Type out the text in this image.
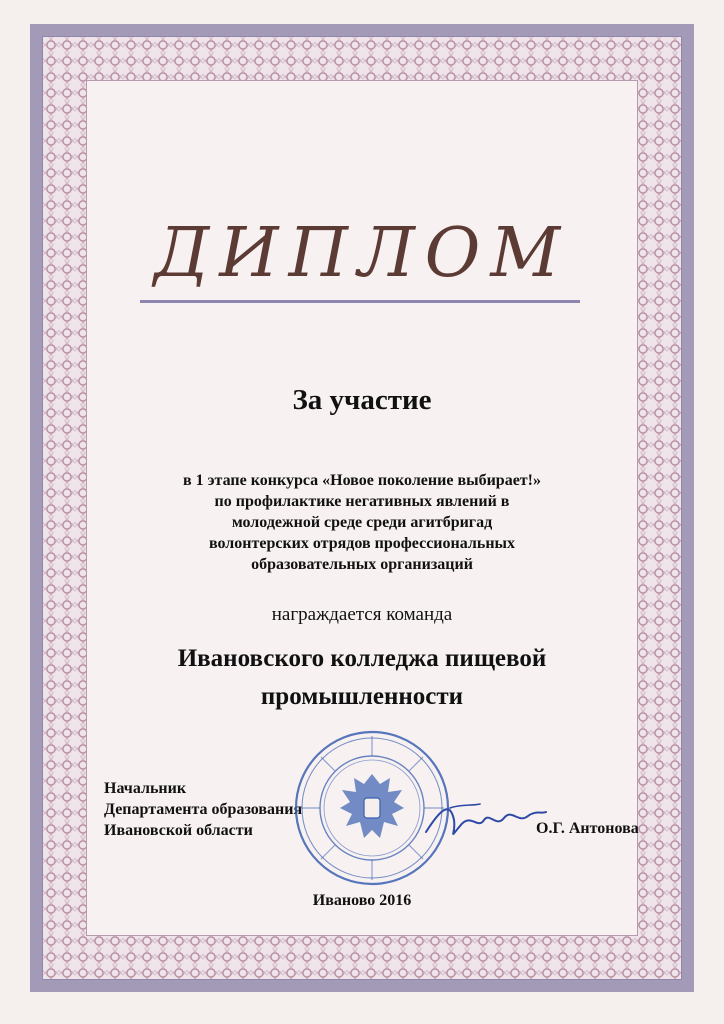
ДИПЛОМ
За участие
в 1 этапе конкурса «Новое поколение выбирает!»
по профилактике негативных явлений в
молодежной среде среди агитбригад
волонтерских отрядов профессиональных
образовательных организаций
награждается команда
Ивановского колледжа пищевой
промышленности
Начальник
Департамента образования
Ивановской области	О.Г. Антонова
Иваново 2016
